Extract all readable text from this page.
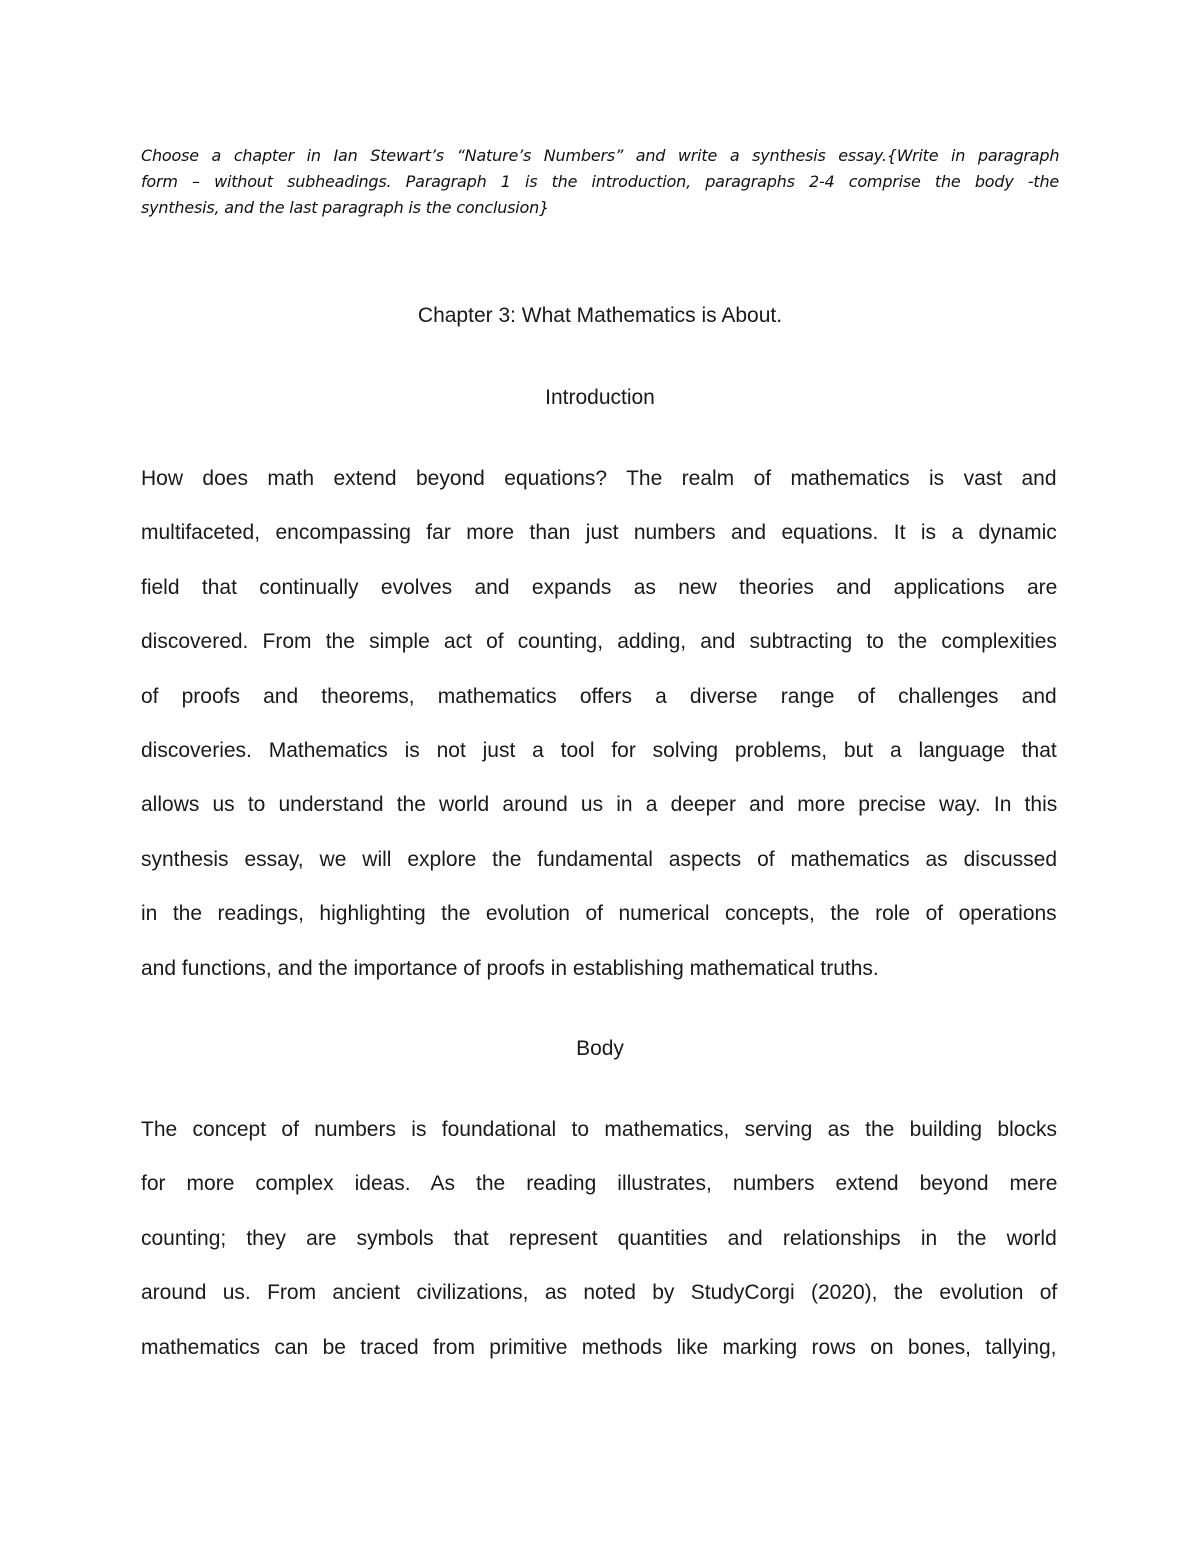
Choose a chapter in Ian Stewart’s “Nature’s Numbers” and write a synthesis essay.{Write in paragraph
form – without subheadings. Paragraph 1 is the introduction, paragraphs 2-4 comprise the body -the
synthesis, and the last paragraph is the conclusion}
Chapter 3: What Mathematics is About.
Introduction
How does math extend beyond equations? The realm of mathematics is vast and
multifaceted, encompassing far more than just numbers and equations. It is a dynamic
field that continually evolves and expands as new theories and applications are
discovered. From the simple act of counting, adding, and subtracting to the complexities
of proofs and theorems, mathematics offers a diverse range of challenges and
discoveries. Mathematics is not just a tool for solving problems, but a language that
allows us to understand the world around us in a deeper and more precise way. In this
synthesis essay, we will explore the fundamental aspects of mathematics as discussed
in the readings, highlighting the evolution of numerical concepts, the role of operations
and functions, and the importance of proofs in establishing mathematical truths.
Body
The concept of numbers is foundational to mathematics, serving as the building blocks
for more complex ideas. As the reading illustrates, numbers extend beyond mere
counting; they are symbols that represent quantities and relationships in the world
around us. From ancient civilizations, as noted by StudyCorgi (2020), the evolution of
mathematics can be traced from primitive methods like marking rows on bones, tallying,
